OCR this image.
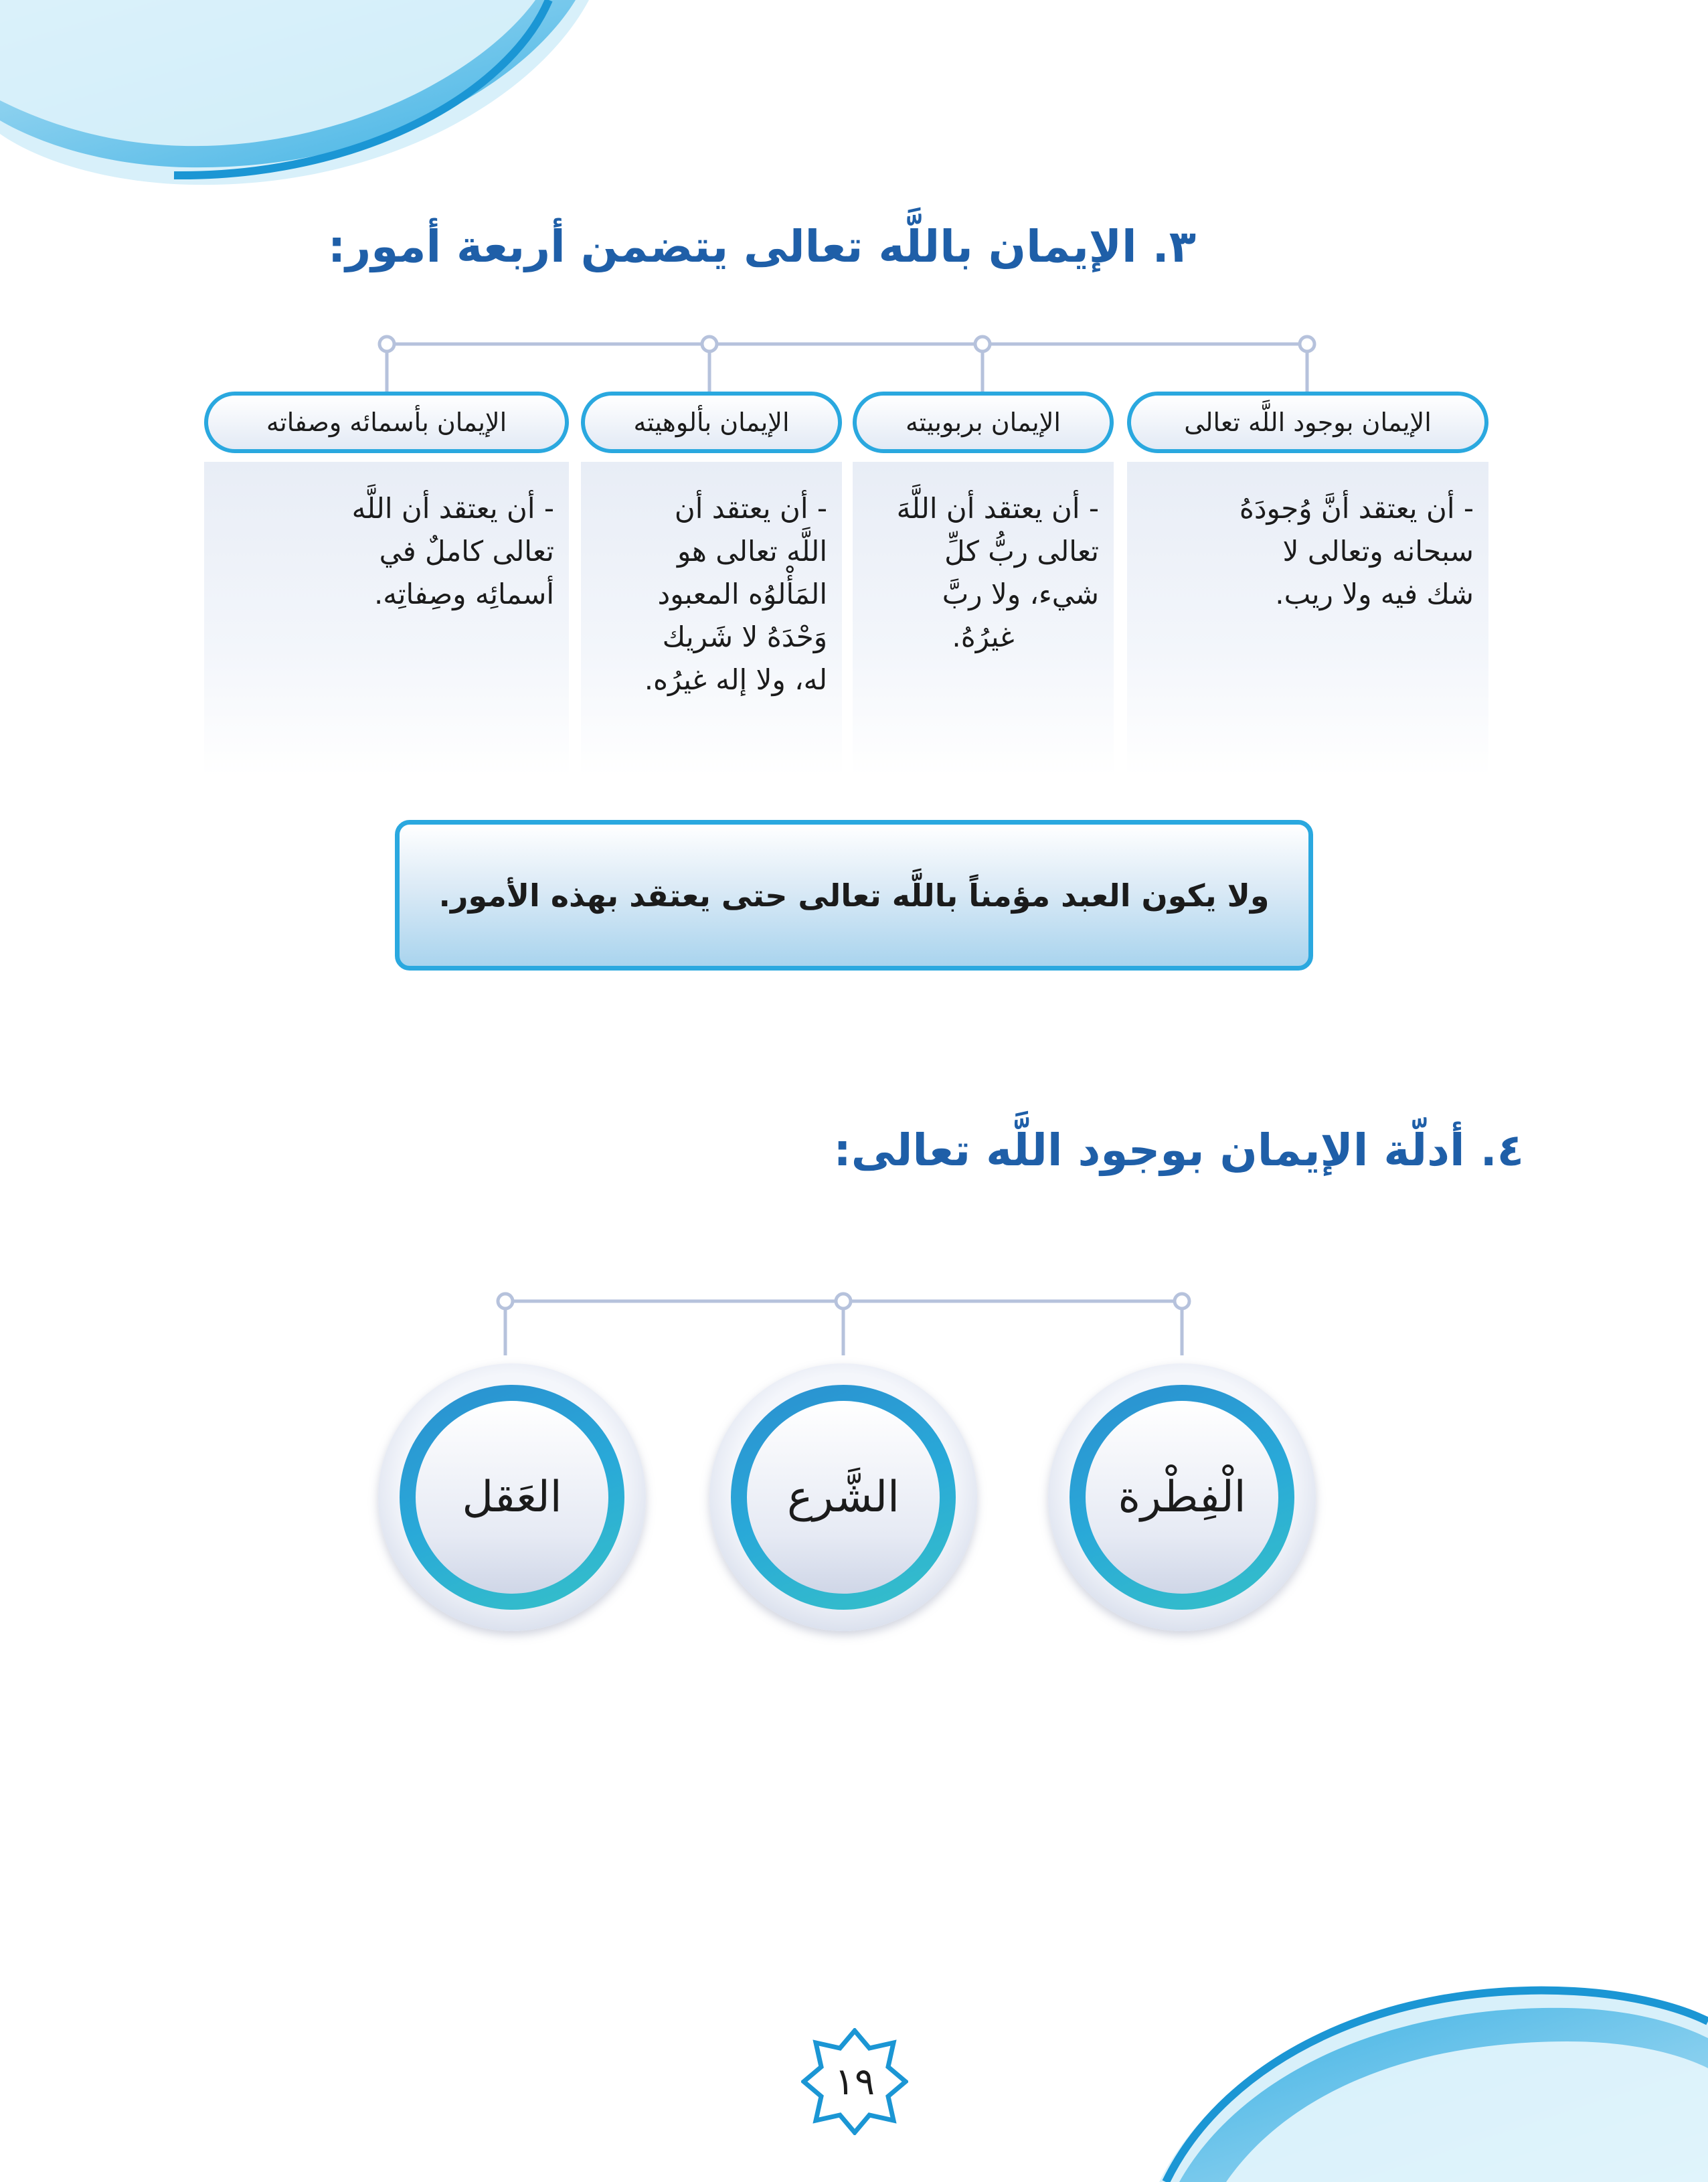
٣. الإيمان باللَّه تعالى يتضمن أربعة أمور:
الإيمان بوجود اللَّه تعالى
الإيمان بربوبيته
الإيمان بألوهيته
الإيمان بأسمائه وصفاته

- أن يعتقد أنَّ وُجودَهُ

سبحانه وتعالى لا

شك فيه ولا ريب.

- أن يعتقد أن اللَّهَ

تعالى ربُّ كلِّ

شيء، ولا ربَّ

غيرُهُ.

- أن يعتقد أن

اللَّه تعالى هو

المَأْلوُه المعبود

وَحْدَهُ لا شَريك

له، ولا إله غيرُه.

- أن يعتقد أن اللَّه

تعالى كاملٌ في

أسمائِه وصِفاتِه.

ولا يكون العبد مؤمناً باللَّه تعالى حتى يعتقد بهذه الأمور.
٤. أدلّة الإيمان بوجود اللَّه تعالى:
الْفِطْرة
الشَّرع
العَقل
١٩
